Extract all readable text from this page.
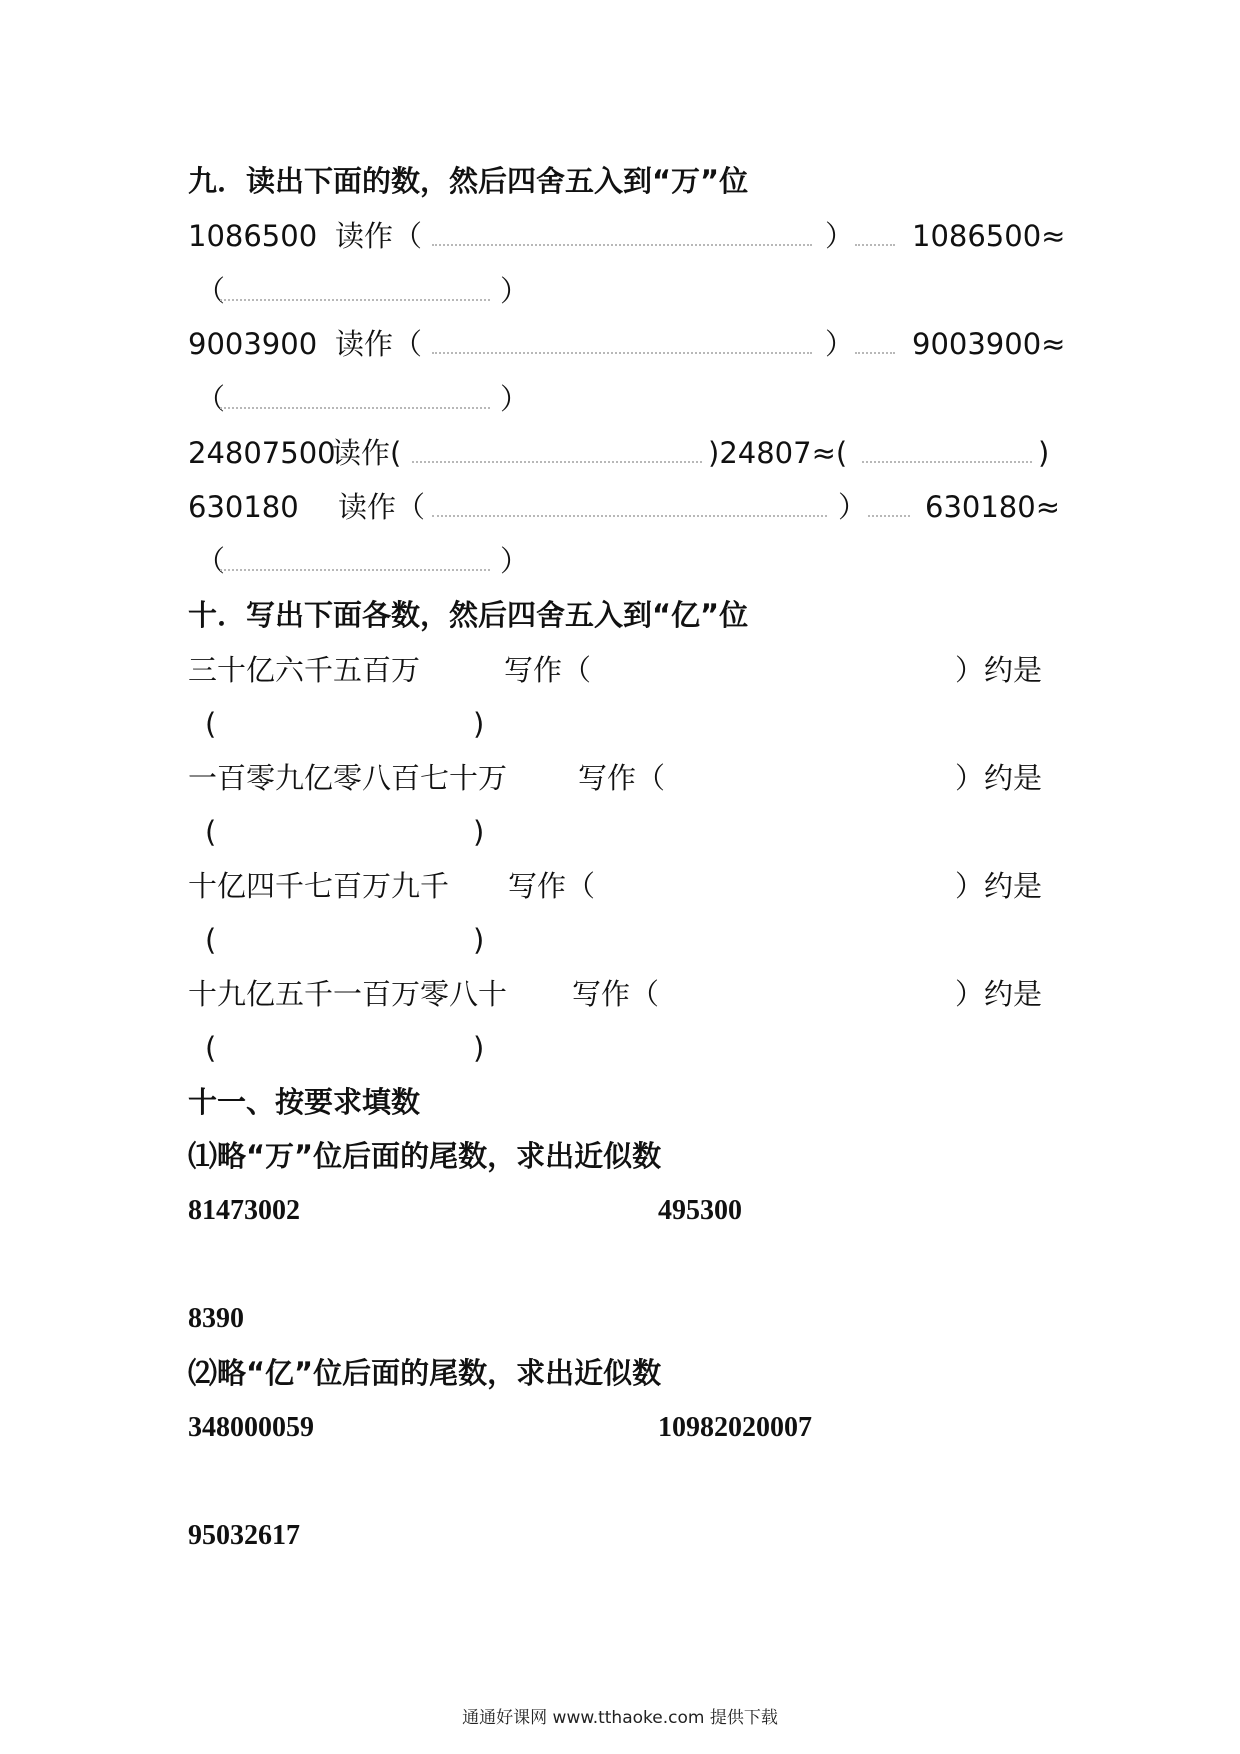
九．读出下面的数，然后四舍五入到“万”位
1086500 读作（	） 1086500≈
（	）
9003900 读作（	） 9003900≈
（	）
24807500
读作(	)24807≈(	)
630180 读作（	） 630180≈
（	）
十．写出下面各数，然后四舍五入到“亿”位
三十亿六千五百万	写作（	）约是
(	)
一百零九亿零八百七十万 写作（	）约是
(	)
十亿四千七百万九千 写作（	）约是
(	)
十九亿五千一百万零八十 写作（	）约是
(	)
十一、按要求填数
⑴略“万”位后面的尾数，求出近似数
81473002	495300
8390
⑵略“亿”位后面的尾数，求出近似数
348000059	10982020007
95032617
通通好课网 www.tthaoke.com 提供下载
